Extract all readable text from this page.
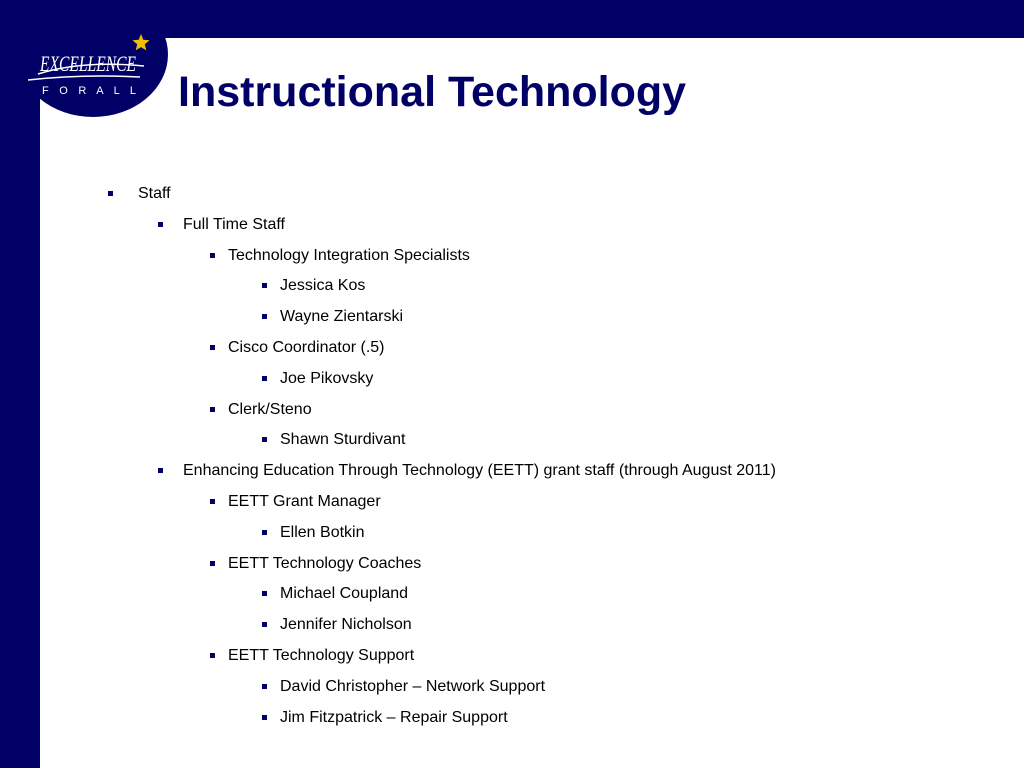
EXCELLENCE
F O R A L L Instructional Technology
Staff
Full Time Staff
Technology Integration Specialists
Jessica Kos
Wayne Zientarski
Cisco Coordinator (.5)
Joe Pikovsky
Clerk/Steno
Shawn Sturdivant
Enhancing Education Through Technology (EETT) grant staff (through August 2011)
EETT Grant Manager
Ellen Botkin
EETT Technology Coaches
Michael Coupland
Jennifer Nicholson
EETT Technology Support
David Christopher – Network Support
Jim Fitzpatrick – Repair Support
